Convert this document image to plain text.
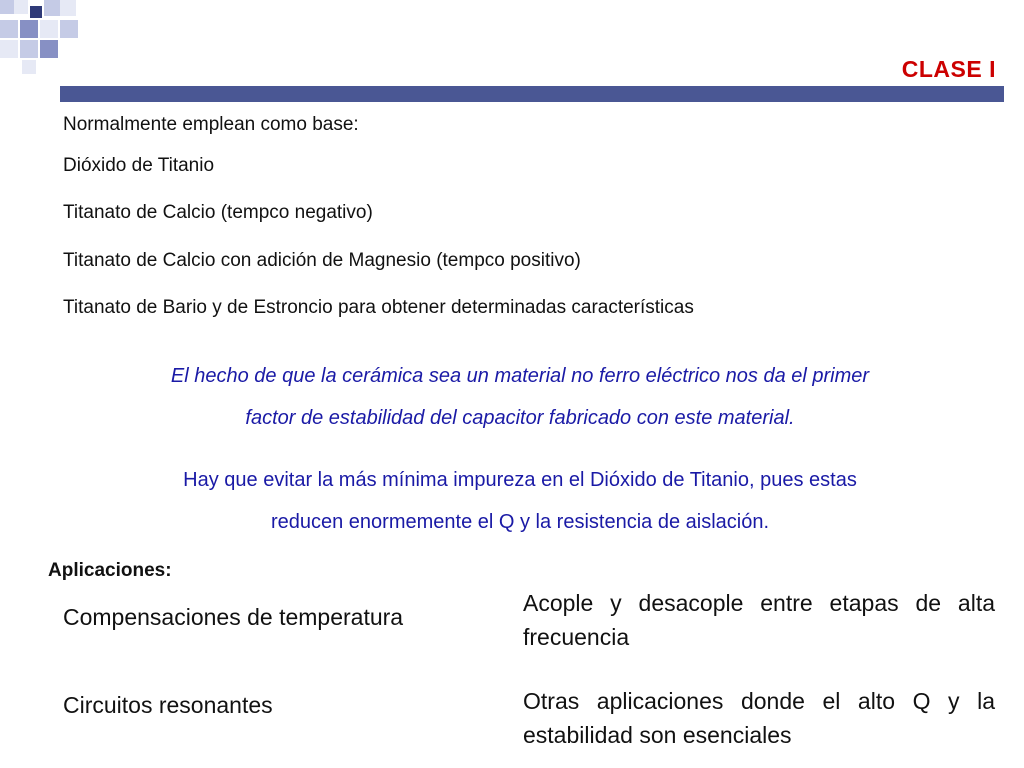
CLASE I
Normalmente emplean como base:
Dióxido de Titanio
Titanato de Calcio (tempco negativo)
Titanato de Calcio con adición de Magnesio (tempco positivo)
Titanato de Bario y de Estroncio para obtener determinadas características
El hecho de que la cerámica sea un material no ferro eléctrico nos da el primer
factor de estabilidad del capacitor fabricado con este material.
Hay que evitar la más mínima impureza en el Dióxido de Titanio, pues estas
reducen enormemente el Q y la resistencia de aislación.
Aplicaciones:
Compensaciones de temperatura
Acople y desacople entre etapas de alta frecuencia
Circuitos resonantes	Otras aplicaciones donde el alto Q y la estabilidad son esenciales
